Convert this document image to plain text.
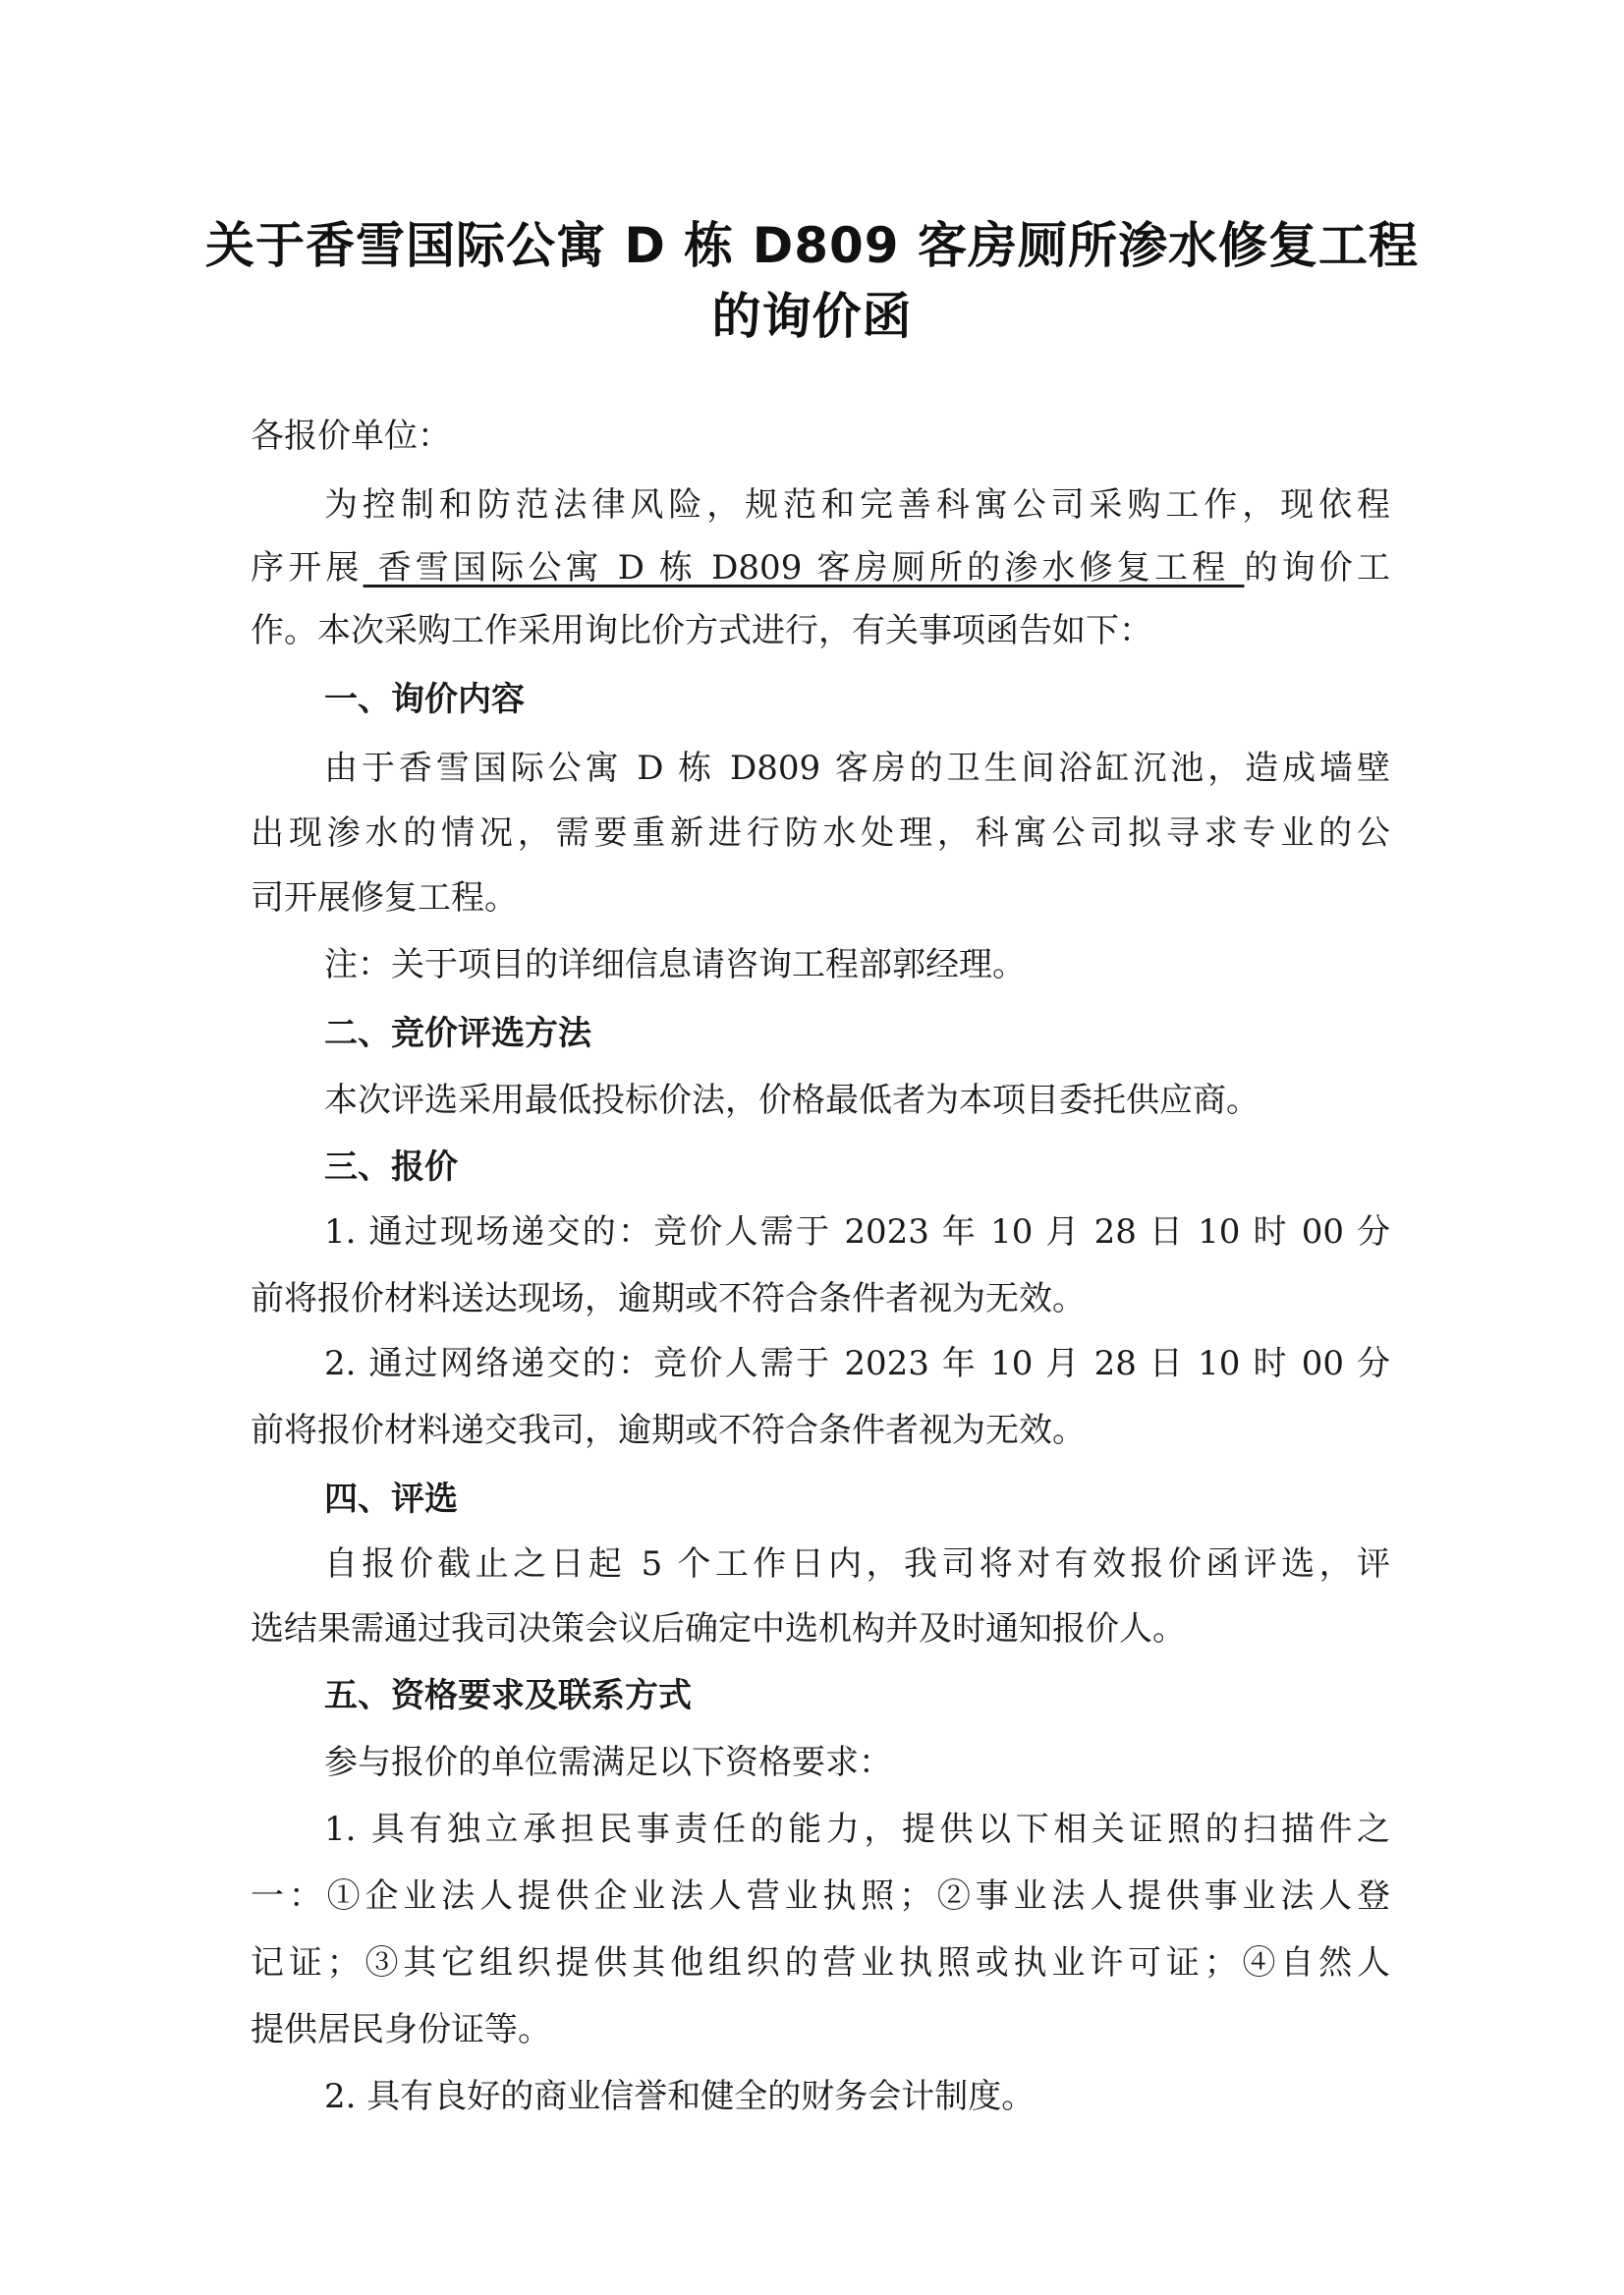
关于香雪国际公寓 D 栋 D809 客房厕所渗水修复工程
的询价函
各报价单位：
为控制和防范法律风险，规范和完善科寓公司采购工作，现依程
序开展 香雪国际公寓 D 栋 D809 客房厕所的渗水修复工程 的询价工
作。本次采购工作采用询比价方式进行，有关事项函告如下：
一、询价内容
由于香雪国际公寓 D 栋 D809 客房的卫生间浴缸沉池，造成墙壁
出现渗水的情况，需要重新进行防水处理，科寓公司拟寻求专业的公
司开展修复工程。
注：关于项目的详细信息请咨询工程部郭经理。
二、竞价评选方法
本次评选采用最低投标价法，价格最低者为本项目委托供应商。
三、报价
1. 通过现场递交的：竞价人需于 2023 年 10 月 28 日 10 时 00 分
前将报价材料送达现场，逾期或不符合条件者视为无效。
2. 通过网络递交的：竞价人需于 2023 年 10 月 28 日 10 时 00 分
前将报价材料递交我司，逾期或不符合条件者视为无效。
四、评选
自报价截止之日起 5 个工作日内，我司将对有效报价函评选，评
选结果需通过我司决策会议后确定中选机构并及时通知报价人。
五、资格要求及联系方式
参与报价的单位需满足以下资格要求：
1. 具有独立承担民事责任的能力，提供以下相关证照的扫描件之
一：①企业法人提供企业法人营业执照；②事业法人提供事业法人登
记证；③其它组织提供其他组织的营业执照或执业许可证；④自然人
提供居民身份证等。
2. 具有良好的商业信誉和健全的财务会计制度。
